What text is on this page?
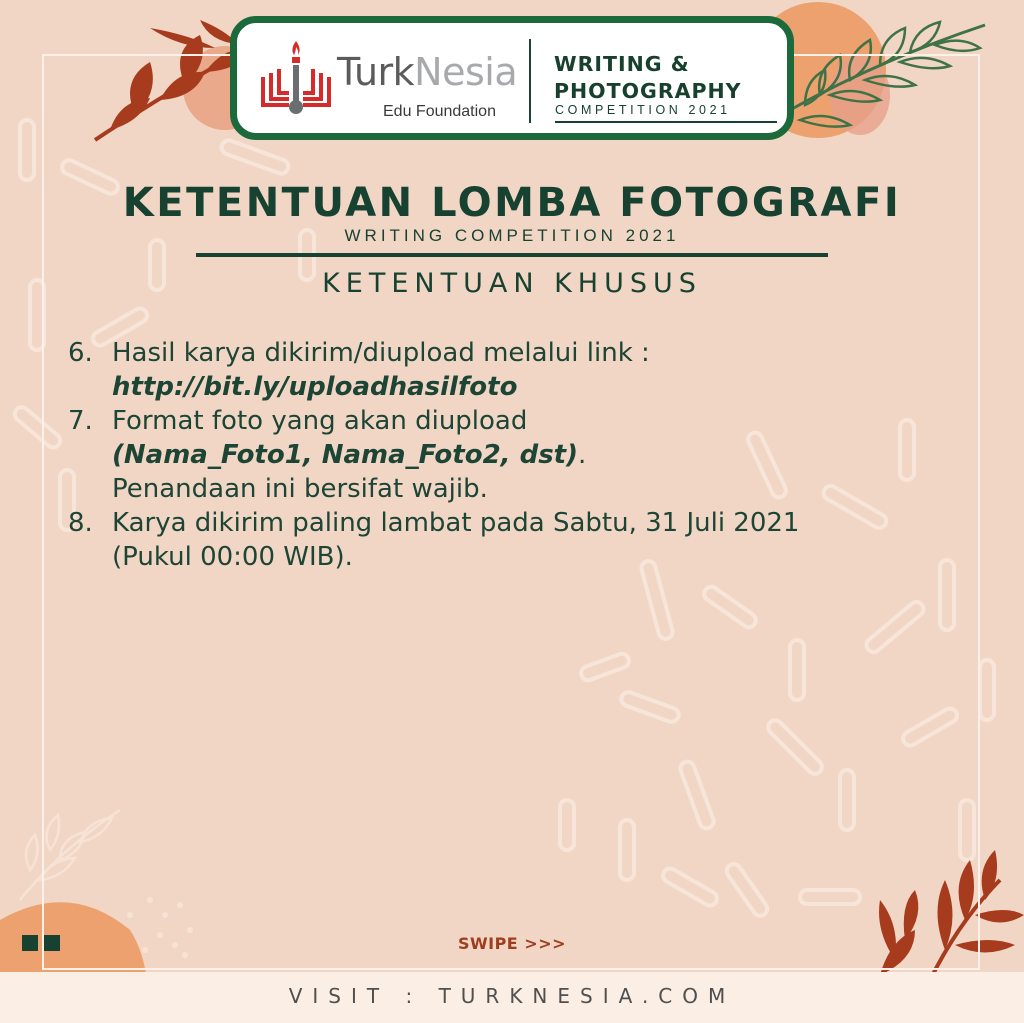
TurkNesia
Edu Foundation
WRITING &
PHOTOGRAPHY
COMPETITION 2021
KETENTUAN LOMBA FOTOGRAFI
WRITING COMPETITION 2021
KETENTUAN KHUSUS
6. Hasil karya dikirim/diupload melalui link :
http://bit.ly/uploadhasilfoto
7. Format foto yang akan diupload
(Nama_Foto1, Nama_Foto2, dst).
Penandaan ini bersifat wajib.
8. Karya dikirim paling lambat pada Sabtu, 31 Juli 2021
(Pukul 00:00 WIB).
SWIPE >>>
VISIT : TURKNESIA.COM
